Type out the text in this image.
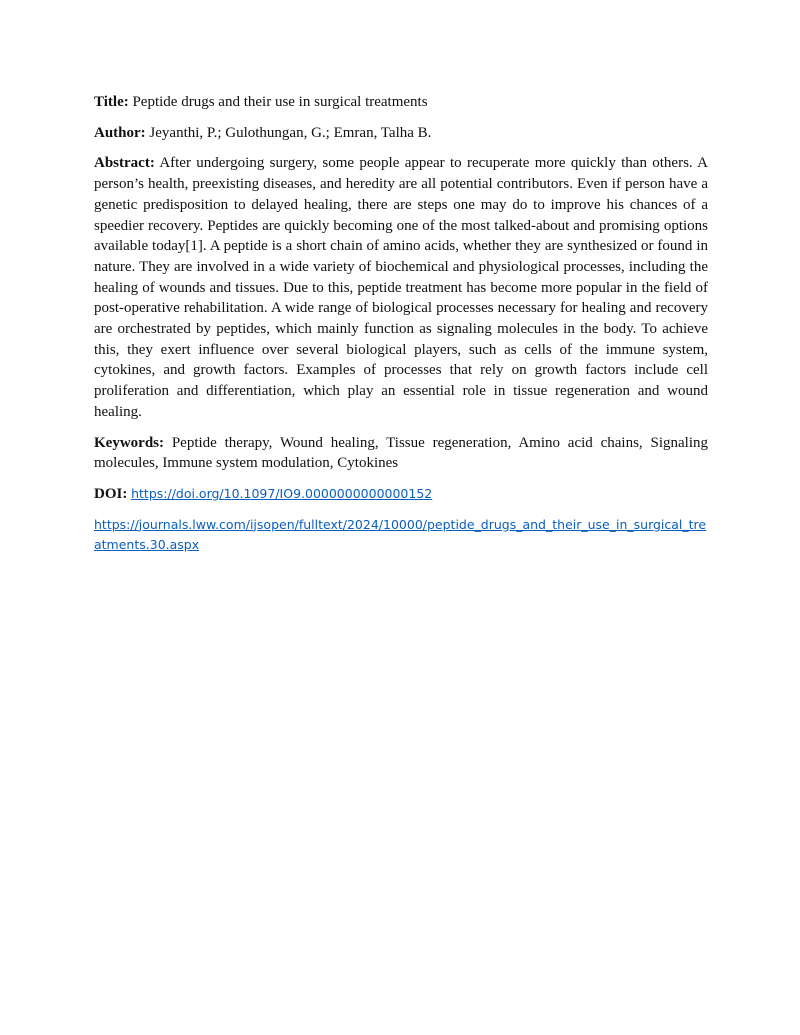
Title: Peptide drugs and their use in surgical treatments

Author: Jeyanthi, P.; Gulothungan, G.; Emran, Talha B.

Abstract: After undergoing surgery, some people appear to recuperate more quickly than others. A person’s health, preexisting diseases, and heredity are all potential contributors. Even if person have a genetic predisposition to delayed healing, there are steps one may do to improve his chances of a speedier recovery. Peptides are quickly becoming one of the most talked-about and promising options available today[1]. A peptide is a short chain of amino acids, whether they are synthesized or found in nature. They are involved in a wide variety of biochemical and physiological processes, including the healing of wounds and tissues. Due to this, peptide treatment has become more popular in the field of post-operative rehabilitation. A wide range of biological processes necessary for healing and recovery are orchestrated by peptides, which mainly function as signaling molecules in the body. To achieve this, they exert influence over several biological players, such as cells of the immune system, cytokines, and growth factors. Examples of processes that rely on growth factors include cell proliferation and differentiation, which play an essential role in tissue regeneration and wound healing.

Keywords: Peptide therapy, Wound healing, Tissue regeneration, Amino acid chains, Signaling molecules, Immune system modulation, Cytokines

DOI: https://doi.org/10.1097/IO9.0000000000000152

https://journals.lww.com/ijsopen/fulltext/2024/10000/peptide_drugs_and_their_use_in_surgical_treatments.30.aspx
